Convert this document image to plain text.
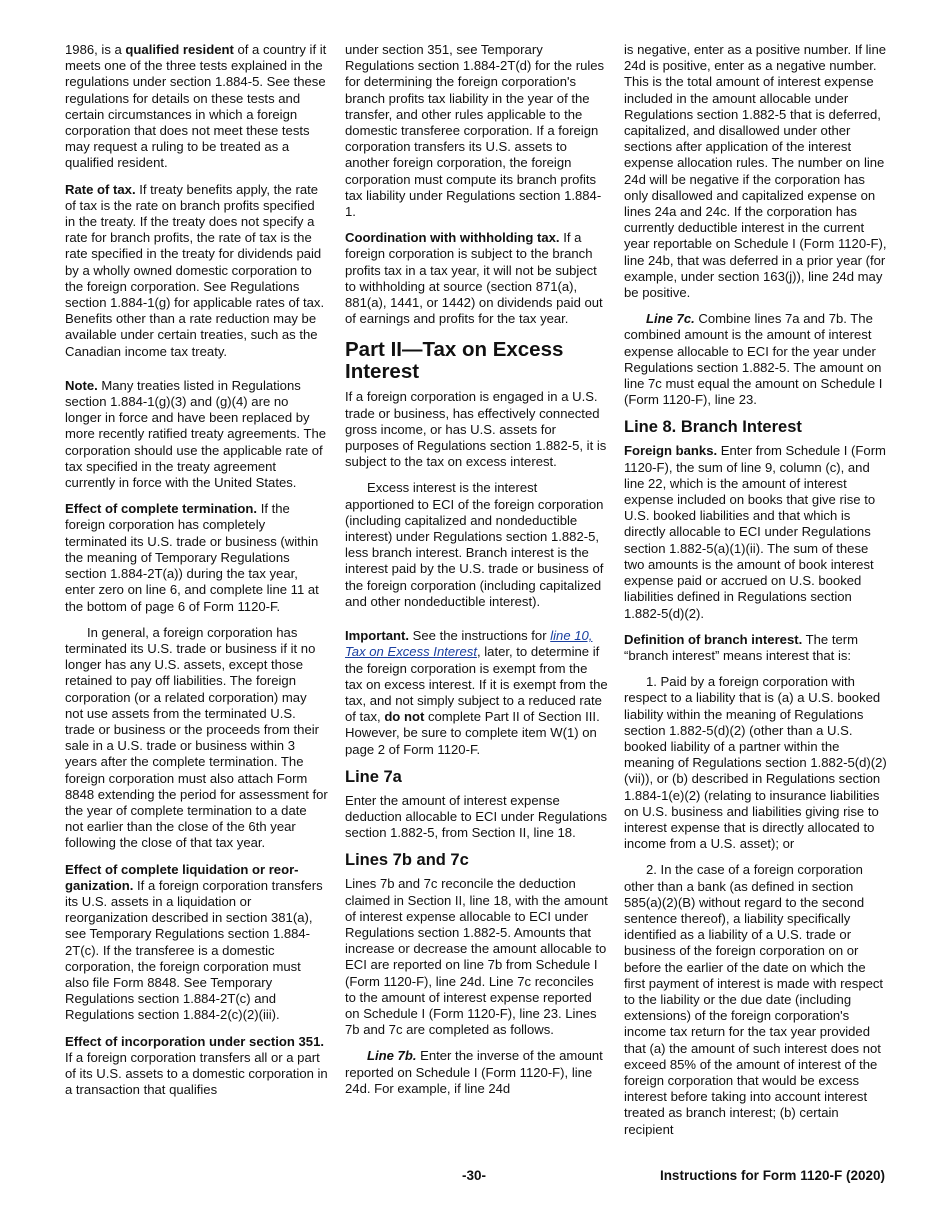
1986, is a qualified resident of a country if it meets one of the three tests explained in the regulations under section 1.884-5. See these regulations for details on these tests and certain circumstances in which a foreign corporation that does not meet these tests may request a ruling to be treated as a qualified resident.

Rate of tax. If treaty benefits apply, the rate of tax is the rate on branch profits specified in the treaty. If the treaty does not specify a rate for branch profits, the rate of tax is the rate specified in the treaty for dividends paid by a wholly owned domestic corporation to the foreign corporation. See Regulations section 1.884-1(g) for applicable rates of tax. Benefits other than a rate reduction may be available under certain treaties, such as the Canadian income tax treaty.

Note. Many treaties listed in Regulations section 1.884-1(g)(3) and (g)(4) are no longer in force and have been replaced by more recently ratified treaty agreements. The corporation should use the applicable rate of tax specified in the treaty agreement currently in force with the United States.

Effect of complete termination. If the foreign corporation has completely terminated its U.S. trade or business (within the meaning of Temporary Regulations section 1.884-2T(a)) during the tax year, enter zero on line 6, and complete line 11 at the bottom of page 6 of Form 1120-F.

In general, a foreign corporation has terminated its U.S. trade or business if it no longer has any U.S. assets, except those retained to pay off liabilities. The foreign corporation (or a related corporation) may not use assets from the terminated U.S. trade or business or the proceeds from their sale in a U.S. trade or business within 3 years after the complete termination. The foreign corporation must also attach Form 8848 extending the period for assessment for the year of complete termination to a date not earlier than the close of the 6th year following the close of that tax year.

Effect of complete liquidation or reor-ganization. If a foreign corporation transfers its U.S. assets in a liquidation or reorganization described in section 381(a), see Temporary Regulations section 1.884-2T(c). If the transferee is a domestic corporation, the foreign corporation must also file Form 8848. See Temporary Regulations section 1.884-2T(c) and Regulations section 1.884-2(c)(2)(iii).

Effect of incorporation under section 351. If a foreign corporation transfers all or a part of its U.S. assets to a domestic corporation in a transaction that qualifies

under section 351, see Temporary Regulations section 1.884-2T(d) for the rules for determining the foreign corporation's branch profits tax liability in the year of the transfer, and other rules applicable to the domestic transferee corporation. If a foreign corporation transfers its U.S. assets to another foreign corporation, the foreign corporation must compute its branch profits tax liability under Regulations section 1.884-1.

Coordination with withholding tax. If a foreign corporation is subject to the branch profits tax in a tax year, it will not be subject to withholding at source (section 871(a), 881(a), 1441, or 1442) on dividends paid out of earnings and profits for the tax year.

Part II—Tax on Excess Interest

If a foreign corporation is engaged in a U.S. trade or business, has effectively connected gross income, or has U.S. assets for purposes of Regulations section 1.882-5, it is subject to the tax on excess interest.

Excess interest is the interest apportioned to ECI of the foreign corporation (including capitalized and nondeductible interest) under Regulations section 1.882-5, less branch interest. Branch interest is the interest paid by the U.S. trade or business of the foreign corporation (including capitalized and other nondeductible interest).

Important. See the instructions for line 10, Tax on Excess Interest, later, to determine if the foreign corporation is exempt from the tax on excess interest. If it is exempt from the tax, and not simply subject to a reduced rate of tax, do not complete Part II of Section III. However, be sure to complete item W(1) on page 2 of Form 1120-F.

Line 7a

Enter the amount of interest expense deduction allocable to ECI under Regulations section 1.882-5, from Section II, line 18.

Lines 7b and 7c

Lines 7b and 7c reconcile the deduction claimed in Section II, line 18, with the amount of interest expense allocable to ECI under Regulations section 1.882-5. Amounts that increase or decrease the amount allocable to ECI are reported on line 7b from Schedule I (Form 1120-F), line 24d. Line 7c reconciles to the amount of interest expense reported on Schedule I (Form 1120-F), line 23. Lines 7b and 7c are completed as follows.

Line 7b. Enter the inverse of the amount reported on Schedule I (Form 1120-F), line 24d. For example, if line 24d

is negative, enter as a positive number. If line 24d is positive, enter as a negative number. This is the total amount of interest expense included in the amount allocable under Regulations section 1.882-5 that is deferred, capitalized, and disallowed under other sections after application of the interest expense allocation rules. The number on line 24d will be negative if the corporation has only disallowed and capitalized expense on lines 24a and 24c. If the corporation has currently deductible interest in the current year reportable on Schedule I (Form 1120-F), line 24b, that was deferred in a prior year (for example, under section 163(j)), line 24d may be positive.

Line 7c. Combine lines 7a and 7b. The combined amount is the amount of interest expense allocable to ECI for the year under Regulations section 1.882-5. The amount on line 7c must equal the amount on Schedule I (Form 1120-F), line 23.

Line 8. Branch Interest

Foreign banks. Enter from Schedule I (Form 1120-F), the sum of line 9, column (c), and line 22, which is the amount of interest expense included on books that give rise to U.S. booked liabilities and that which is directly allocable to ECI under Regulations section 1.882-5(a)(1)(ii). The sum of these two amounts is the amount of book interest expense paid or accrued on U.S. booked liabilities defined in Regulations section 1.882-5(d)(2).

Definition of branch interest. The term “branch interest” means interest that is:

1. Paid by a foreign corporation with respect to a liability that is (a) a U.S. booked liability within the meaning of Regulations section 1.882-5(d)(2) (other than a U.S. booked liability of a partner within the meaning of Regulations section 1.882-5(d)(2)(vii)), or (b) described in Regulations section 1.884-1(e)(2) (relating to insurance liabilities on U.S. business and liabilities giving rise to interest expense that is directly allocated to income from a U.S. asset); or

2. In the case of a foreign corporation other than a bank (as defined in section 585(a)(2)(B) without regard to the second sentence thereof), a liability specifically identified as a liability of a U.S. trade or business of the foreign corporation on or before the earlier of the date on which the first payment of interest is made with respect to the liability or the due date (including extensions) of the foreign corporation's income tax return for the tax year provided that (a) the amount of such interest does not exceed 85% of the amount of interest of the foreign corporation that would be excess interest before taking into account interest treated as branch interest; (b) certain recipient

-30-	Instructions for Form 1120-F (2020)
